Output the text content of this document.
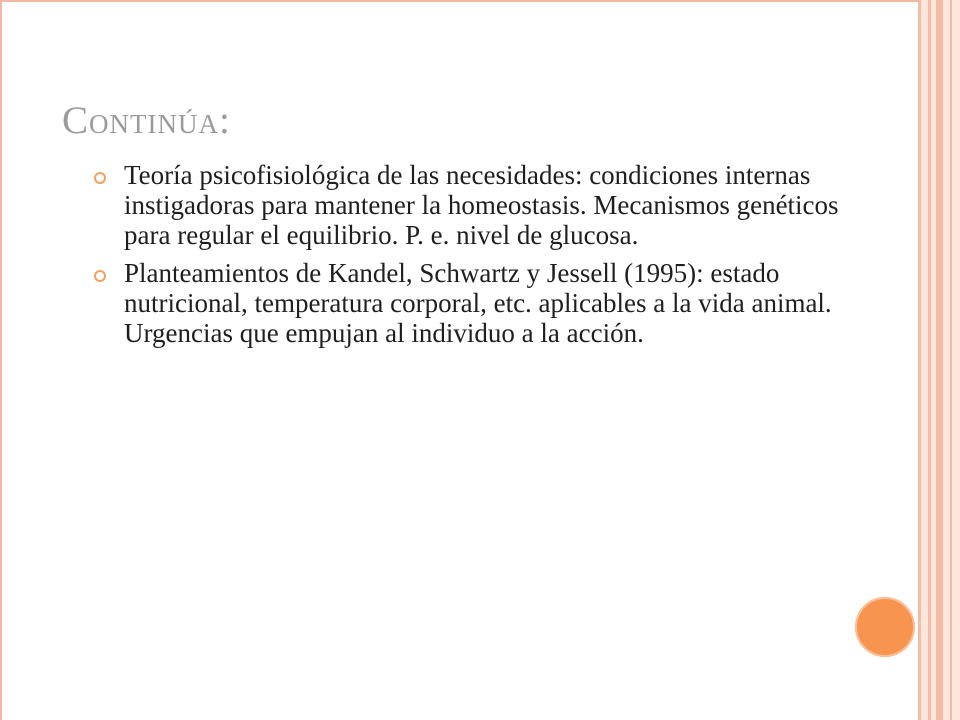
Continúa:
Teoría psicofisiológica de las necesidades: condiciones internas instigadoras para mantener la homeostasis. Mecanismos genéticos para regular el equilibrio. P. e. nivel de glucosa.
Planteamientos de Kandel, Schwartz y Jessell (1995): estado nutricional, temperatura corporal, etc. aplicables a la vida animal. Urgencias que empujan al individuo a la acción.
